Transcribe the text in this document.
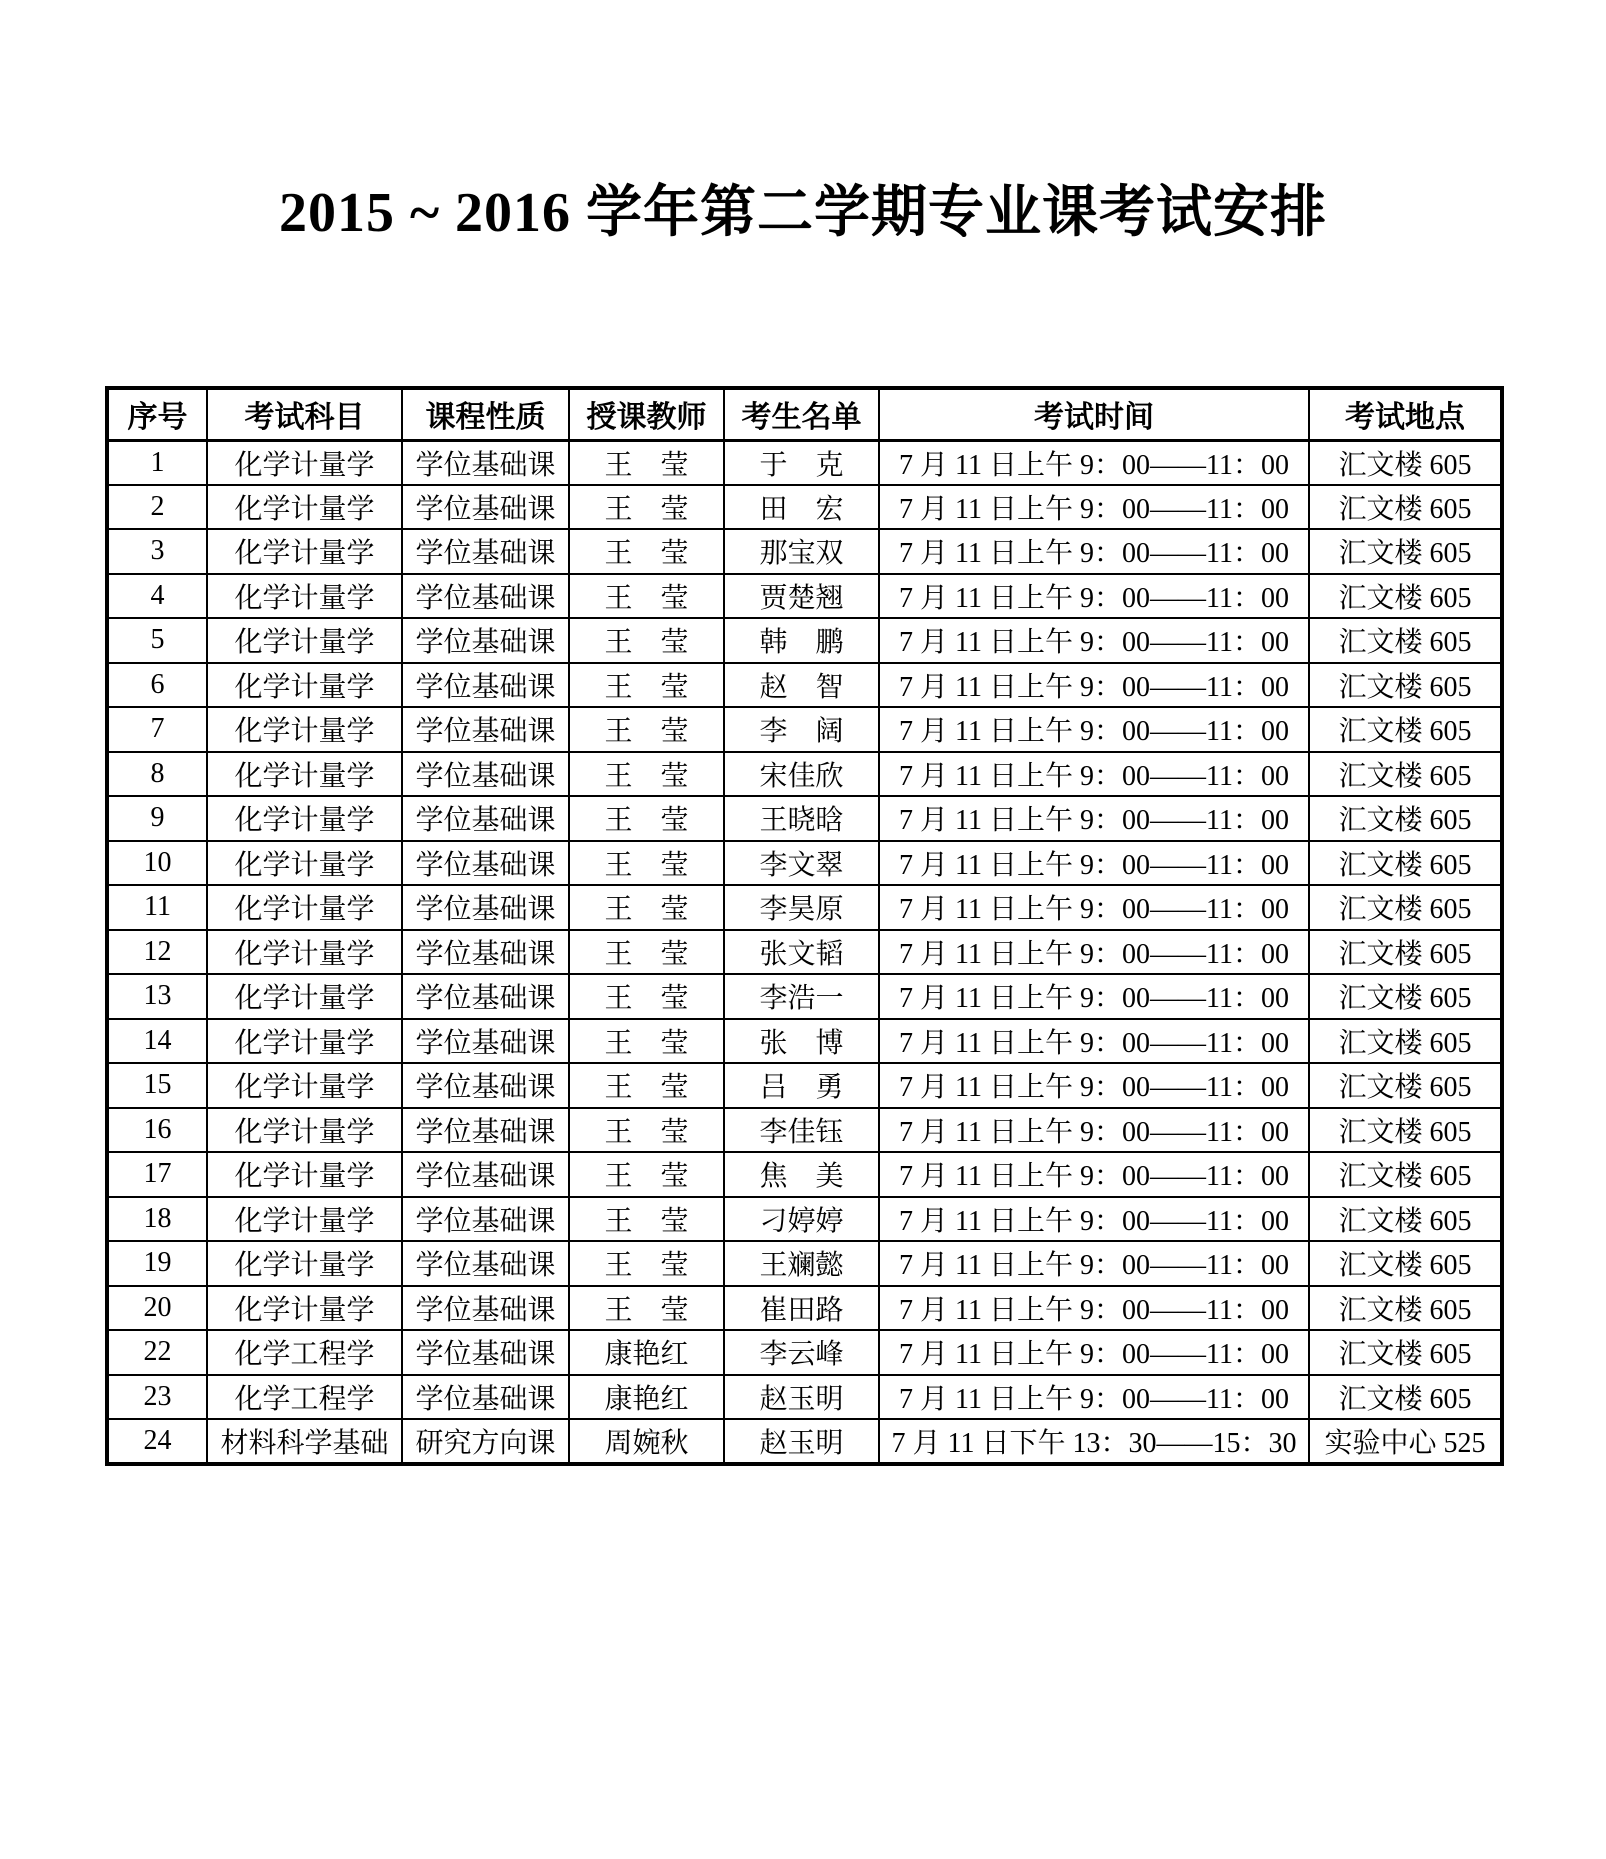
2015 ~ 2016 学年第二学期专业课考试安排
序号	考试科目	课程性质	授课教师	考生名单	考试时间	考试地点
1	化学计量学	学位基础课	王　莹	于　克	7 月 11 日上午 9：00——11：00	汇文楼 605
2	化学计量学	学位基础课	王　莹	田　宏	7 月 11 日上午 9：00——11：00	汇文楼 605
3	化学计量学	学位基础课	王　莹	那宝双	7 月 11 日上午 9：00——11：00	汇文楼 605
4	化学计量学	学位基础课	王　莹	贾楚翘	7 月 11 日上午 9：00——11：00	汇文楼 605
5	化学计量学	学位基础课	王　莹	韩　鹏	7 月 11 日上午 9：00——11：00	汇文楼 605
6	化学计量学	学位基础课	王　莹	赵　智	7 月 11 日上午 9：00——11：00	汇文楼 605
7	化学计量学	学位基础课	王　莹	李　阔	7 月 11 日上午 9：00——11：00	汇文楼 605
8	化学计量学	学位基础课	王　莹	宋佳欣	7 月 11 日上午 9：00——11：00	汇文楼 605
9	化学计量学	学位基础课	王　莹	王晓晗	7 月 11 日上午 9：00——11：00	汇文楼 605
10	化学计量学	学位基础课	王　莹	李文翠	7 月 11 日上午 9：00——11：00	汇文楼 605
11	化学计量学	学位基础课	王　莹	李昊原	7 月 11 日上午 9：00——11：00	汇文楼 605
12	化学计量学	学位基础课	王　莹	张文韬	7 月 11 日上午 9：00——11：00	汇文楼 605
13	化学计量学	学位基础课	王　莹	李浩一	7 月 11 日上午 9：00——11：00	汇文楼 605
14	化学计量学	学位基础课	王　莹	张　博	7 月 11 日上午 9：00——11：00	汇文楼 605
15	化学计量学	学位基础课	王　莹	吕　勇	7 月 11 日上午 9：00——11：00	汇文楼 605
16	化学计量学	学位基础课	王　莹	李佳钰	7 月 11 日上午 9：00——11：00	汇文楼 605
17	化学计量学	学位基础课	王　莹	焦　美	7 月 11 日上午 9：00——11：00	汇文楼 605
18	化学计量学	学位基础课	王　莹	刁婷婷	7 月 11 日上午 9：00——11：00	汇文楼 605
19	化学计量学	学位基础课	王　莹	王斓懿	7 月 11 日上午 9：00——11：00	汇文楼 605
20	化学计量学	学位基础课	王　莹	崔田路	7 月 11 日上午 9：00——11：00	汇文楼 605
22	化学工程学	学位基础课	康艳红	李云峰	7 月 11 日上午 9：00——11：00	汇文楼 605
23	化学工程学	学位基础课	康艳红	赵玉明	7 月 11 日上午 9：00——11：00	汇文楼 605
24	材料科学基础	研究方向课	周婉秋	赵玉明	7 月 11 日下午 13：30——15：30	实验中心 525
